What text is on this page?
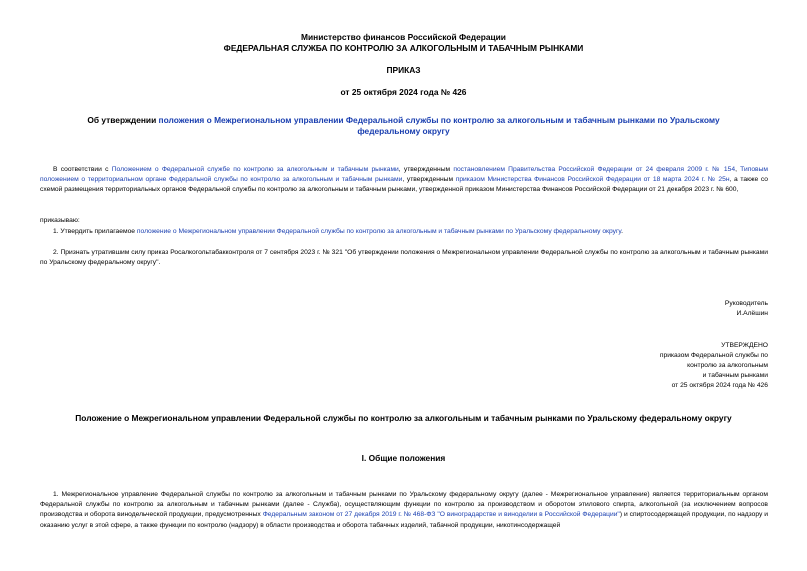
Министерство финансов Российской Федерации
ФЕДЕРАЛЬНАЯ СЛУЖБА ПО КОНТРОЛЮ ЗА АЛКОГОЛЬНЫМ И ТАБАЧНЫМ РЫНКАМИ
ПРИКАЗ
от 25 октября 2024 года № 426
Об утверждении положения о Межрегиональном управлении Федеральной службы по контролю за алкогольным и табачным рынками по Уральскому
федеральному округу
В соответствии с Положением о Федеральной службе по контролю за алкогольным и табачным рынками, утвержденным постановлением Правительства Российской Федерации от 24 февраля 2009 г. № 154, Типовым положением о территориальном органе Федеральной службы по контролю за алкогольным и табачным рынками, утвержденным приказом Министерства Финансов Российской Федерации от 18 марта 2024 г. № 25н, а также со схемой размещения территориальных органов Федеральной службы по контролю за алкогольным и табачным рынками, утвержденной приказом Министерства Финансов Российской Федерации от 21 декабря 2023 г. № 600,
приказываю:
1. Утвердить прилагаемое положение о Межрегиональном управлении Федеральной службы по контролю за алкогольным и табачным рынками по Уральскому федеральному округу.
2. Признать утратившим силу приказ Росалкогольтабакконтроля от 7 сентября 2023 г. № 321 "Об утверждении положения о Межрегиональном управлении Федеральной службы по контролю за алкогольным и табачным рынками по Уральскому федеральному округу".
Руководитель
И.Алёшин
УТВЕРЖДЕНО
приказом Федеральной службы по
контролю за алкогольным
и табачным рынками
от 25 октября 2024 года № 426
Положение о Межрегиональном управлении Федеральной службы по контролю за алкогольным и табачным рынками по Уральскому федеральному округу
I. Общие положения
1. Межрегиональное управление Федеральной службы по контролю за алкогольным и табачным рынками по Уральскому федеральному округу (далее - Межрегиональное управление) является территориальным органом Федеральной службы по контролю за алкогольным и табачным рынками (далее - Служба), осуществляющим функции по контролю за производством и оборотом этилового спирта, алкогольной (за исключением вопросов производства и оборота винодельческой продукции, предусмотренных Федеральным законом от 27 декабря 2019 г. № 468-ФЗ "О виноградарстве и виноделии в Российской Федерации") и спиртосодержащей продукции, по надзору и оказанию услуг в этой сфере, а также функции по контролю (надзору) в области производства и оборота табачных изделий, табачной продукции, никотинсодержащей
